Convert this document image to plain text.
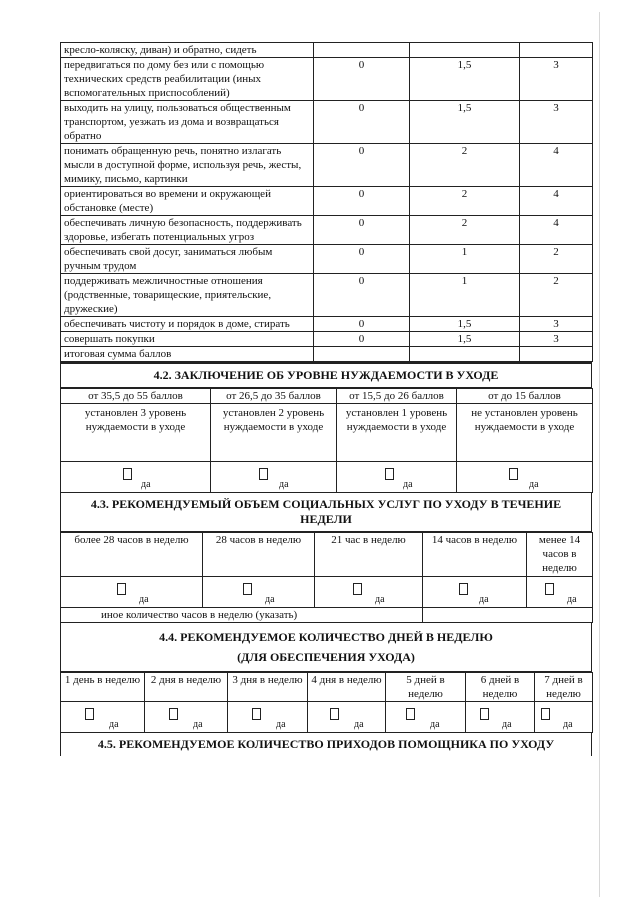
кресло-коляску, диван) и обратно, сидеть			
передвигаться по дому без или с помощью технических средств реабилитации (иных вспомогательных приспособлений)	0	1,5	3
выходить на улицу, пользоваться общественным транспортом, уезжать из дома и возвращаться обратно	0	1,5	3
понимать обращенную речь, понятно излагать мысли в доступной форме, используя речь, жесты, мимику, письмо, картинки	0	2	4
ориентироваться во времени и окружающей обстановке (месте)	0	2	4
обеспечивать личную безопасность, поддерживать здоровье, избегать потенциальных угроз	0	2	4
обеспечивать свой досуг, заниматься любым ручным трудом	0	1	2
поддерживать межличностные отношения (родственные, товарищеские, приятельские, дружеские)	0	1	2
обеспечивать чистоту и порядок в доме, стирать	0	1,5	3
совершать покупки	0	1,5	3
итоговая сумма баллов			
4.2. ЗАКЛЮЧЕНИЕ ОБ УРОВНЕ НУЖДАЕМОСТИ В УХОДЕ
от 35,5 до 55 баллов	от 26,5 до 35 баллов	от 15,5 до 26 баллов	от до 15 баллов
установлен 3 уровень нуждаемости в уходе	установлен 2 уровень нуждаемости в уходе	установлен 1 уровень нуждаемости в уходе	не установлен уровень нуждаемости в уходе

да	да	да	да
4.3. РЕКОМЕНДУЕМЫЙ ОБЪЕМ СОЦИАЛЬНЫХ УСЛУГ ПО УХОДУ В ТЕЧЕНИЕ НЕДЕЛИ
более 28 часов в неделю	28 часов в неделю	21 час в неделю	14 часов в неделю	менее 14 часов в неделю

да	да	да	да	да

иное количество часов в неделю (указать)				
4.4. РЕКОМЕНДУЕМОЕ КОЛИЧЕСТВО ДНЕЙ В НЕДЕЛЮ
(ДЛЯ ОБЕСПЕЧЕНИЯ УХОДА)
1 день в неделю	2 дня в неделю	3 дня в неделю	4 дня в неделю	5 дней в неделю	6 дней в неделю	7 дней в неделю

да	да	да	да	да	да	да
4.5. РЕКОМЕНДУЕМОЕ КОЛИЧЕСТВО ПРИХОДОВ ПОМОЩНИКА ПО УХОДУ
